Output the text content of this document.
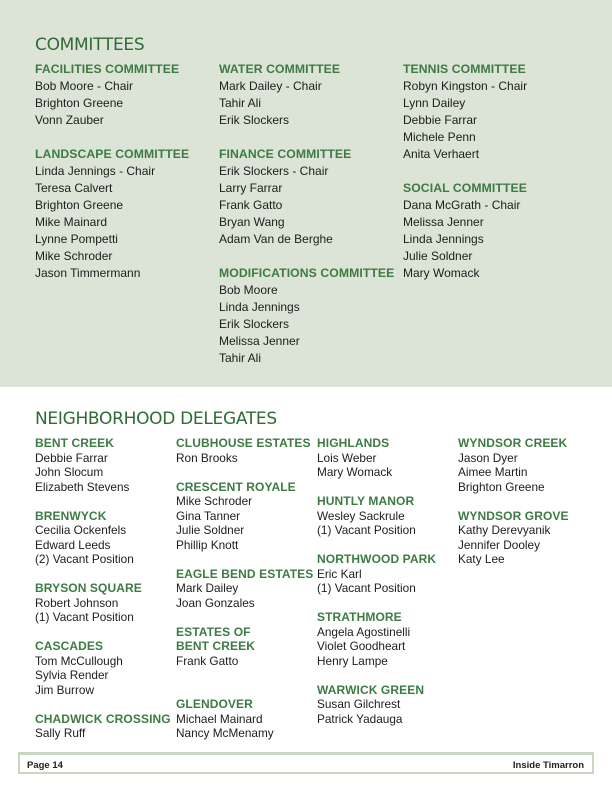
COMMITTEES
FACILITIES COMMITTEE
Bob Moore - Chair
Brighton Greene
Vonn Zauber
LANDSCAPE COMMITTEE
Linda Jennings - Chair
Teresa Calvert
Brighton Greene
Mike Mainard
Lynne Pompetti
Mike Schroder
Jason Timmermann
WATER COMMITTEE
Mark Dailey - Chair
Tahir Ali
Erik Slockers
FINANCE COMMITTEE
Erik Slockers - Chair
Larry Farrar
Frank Gatto
Bryan Wang
Adam Van de Berghe
MODIFICATIONS COMMITTEE
Bob Moore
Linda Jennings
Erik Slockers
Melissa Jenner
Tahir Ali
TENNIS COMMITTEE
Robyn Kingston - Chair
Lynn Dailey
Debbie Farrar
Michele Penn
Anita Verhaert
SOCIAL COMMITTEE
Dana McGrath - Chair
Melissa Jenner
Linda Jennings
Julie Soldner
Mary Womack
NEIGHBORHOOD DELEGATES
BENT CREEK
Debbie Farrar
John Slocum
Elizabeth Stevens
BRENWYCK
Cecilia Ockenfels
Edward Leeds
(2) Vacant Position
BRYSON SQUARE
Robert Johnson
(1) Vacant Position
CASCADES
Tom McCullough
Sylvia Render
Jim Burrow
CHADWICK CROSSING
Sally Ruff
CLUBHOUSE ESTATES
Ron Brooks
CRESCENT ROYALE
Mike Schroder
Gina Tanner
Julie Soldner
Phillip Knott
EAGLE BEND ESTATES
Mark Dailey
Joan Gonzales
ESTATES OF
BENT CREEK
Frank Gatto
GLENDOVER
Michael Mainard
Nancy McMenamy
HIGHLANDS
Lois Weber
Mary Womack
HUNTLY MANOR
Wesley Sackrule
(1) Vacant Position
NORTHWOOD PARK
Eric Karl
(1) Vacant Position
STRATHMORE
Angela Agostinelli
Violet Goodheart
Henry Lampe
WARWICK GREEN
Susan Gilchrest
Patrick Yadauga
WYNDSOR CREEK
Jason Dyer
Aimee Martin
Brighton Greene
WYNDSOR GROVE
Kathy Derevyanik
Jennifer Dooley
Katy Lee
Page 14	Inside Timarron
